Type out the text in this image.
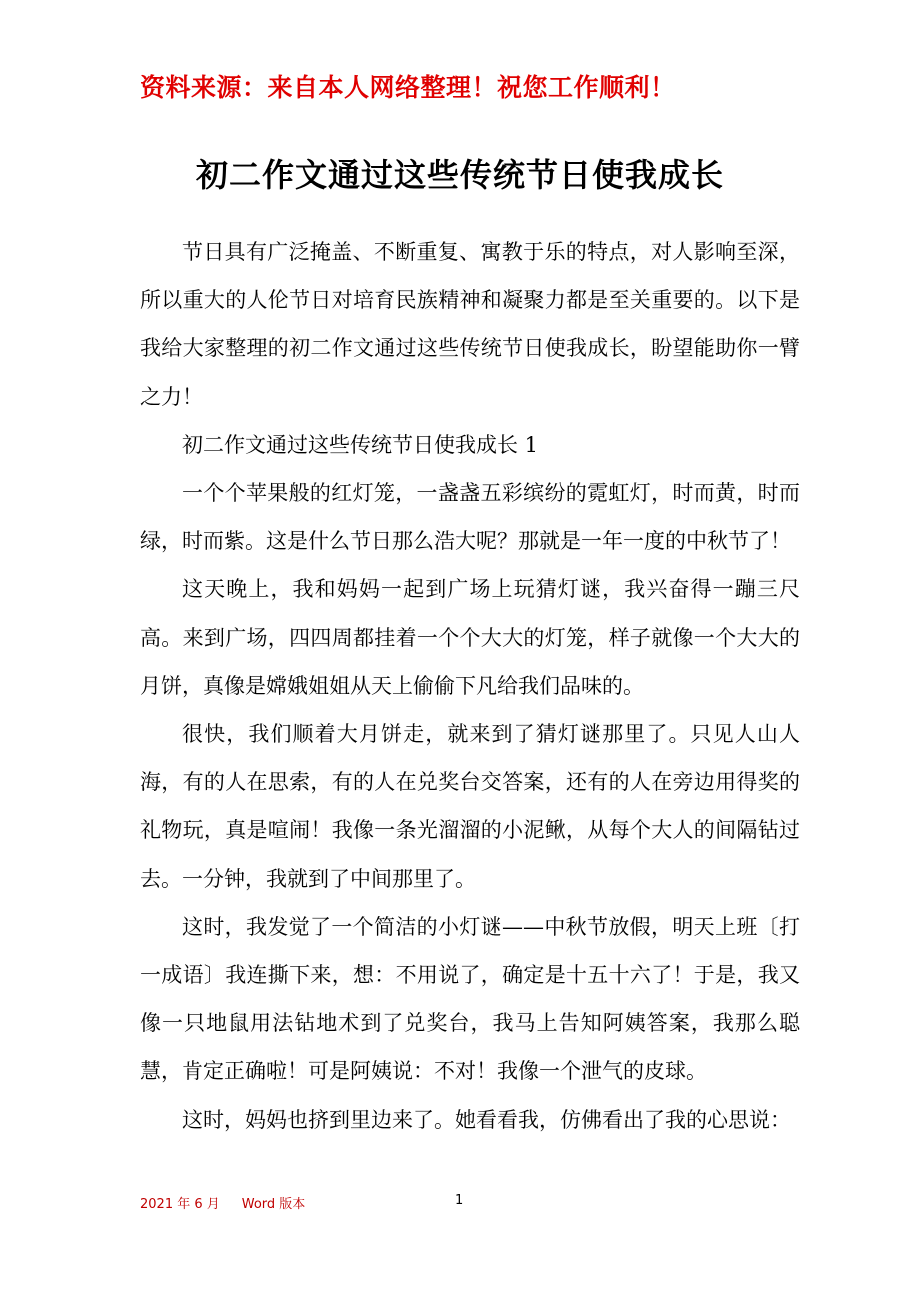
资料来源：来自本人网络整理！祝您工作顺利！
初二作文通过这些传统节日使我成长

节日具有广泛掩盖、不断重复、寓教于乐的特点，对人影响至深，所以重大的人伦节日对培育民族精神和凝聚力都是至关重要的。以下是我给大家整理的初二作文通过这些传统节日使我成长，盼望能助你一臂之力！

初二作文通过这些传统节日使我成长 1

一个个苹果般的红灯笼，一盏盏五彩缤纷的霓虹灯，时而黄，时而绿，时而紫。这是什么节日那么浩大呢？那就是一年一度的中秋节了！

这天晚上，我和妈妈一起到广场上玩猜灯谜，我兴奋得一蹦三尺高。来到广场，四四周都挂着一个个大大的灯笼，样子就像一个大大的月饼，真像是嫦娥姐姐从天上偷偷下凡给我们品味的。

很快，我们顺着大月饼走，就来到了猜灯谜那里了。只见人山人海，有的人在思索，有的人在兑奖台交答案，还有的人在旁边用得奖的礼物玩，真是喧闹！我像一条光溜溜的小泥鳅，从每个大人的间隔钻过去。一分钟，我就到了中间那里了。

这时，我发觉了一个简洁的小灯谜——中秋节放假，明天上班〔打一成语〕我连撕下来，想：不用说了，确定是十五十六了！于是，我又像一只地鼠用法钻地术到了兑奖台，我马上告知阿姨答案，我那么聪慧，肯定正确啦！可是阿姨说：不对！我像一个泄气的皮球。

这时，妈妈也挤到里边来了。她看看我，仿佛看出了我的心思说：

2021 年 6 月 Word 版本	1
